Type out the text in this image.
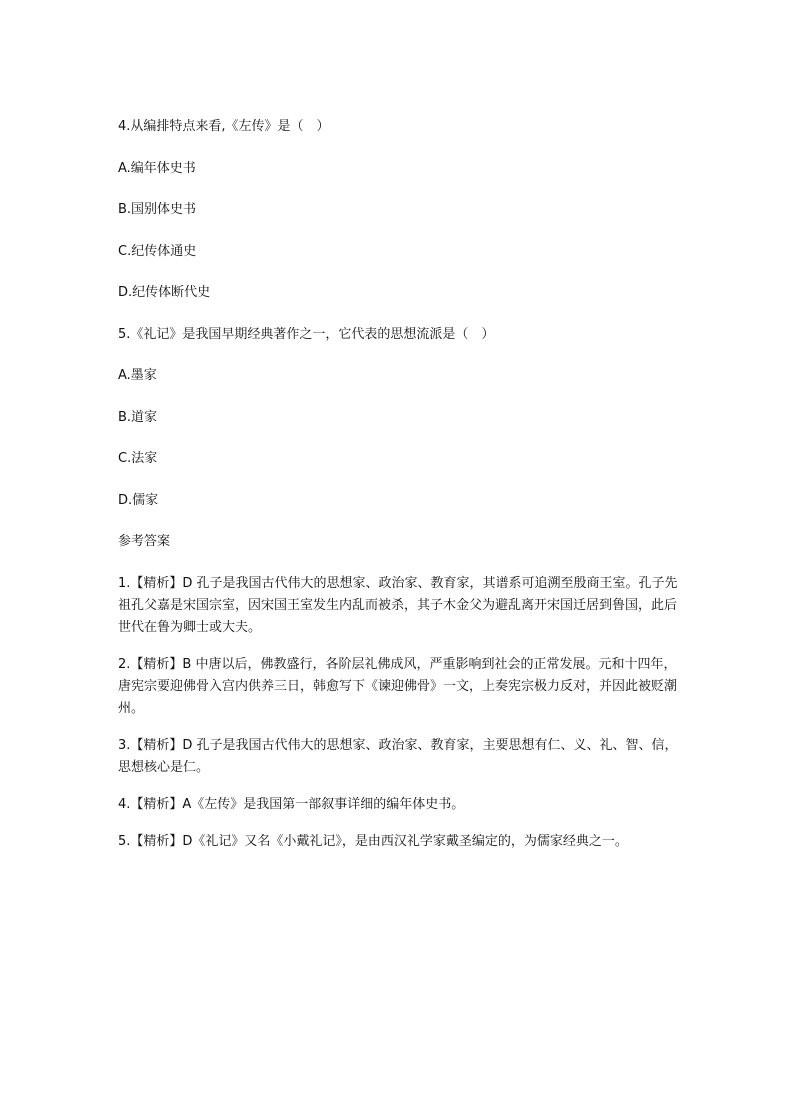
4.从编排特点来看,《左传》是（　）

A.编年体史书

B.国别体史书

C.纪传体通史

D.纪传体断代史

5.《礼记》是我国早期经典著作之一，它代表的思想流派是（　）

A.墨家

B.道家

C.法家

D.儒家

参考答案

1.【精析】D 孔子是我国古代伟大的思想家、政治家、教育家，其谱系可追溯至殷商王室。孔子先祖孔父嘉是宋国宗室，因宋国王室发生内乱而被杀，其子木金父为避乱离开宋国迁居到鲁国，此后世代在鲁为卿士或大夫。

2.【精析】B 中唐以后，佛教盛行，各阶层礼佛成风，严重影响到社会的正常发展。元和十四年，唐宪宗要迎佛骨入宫内供养三日，韩愈写下《谏迎佛骨》一文，上奏宪宗极力反对，并因此被贬潮州。

3.【精析】D 孔子是我国古代伟大的思想家、政治家、教育家，主要思想有仁、义、礼、智、信，思想核心是仁。

4.【精析】A《左传》是我国第一部叙事详细的编年体史书。

5.【精析】D《礼记》又名《小戴礼记》，是由西汉礼学家戴圣编定的，为儒家经典之一。
